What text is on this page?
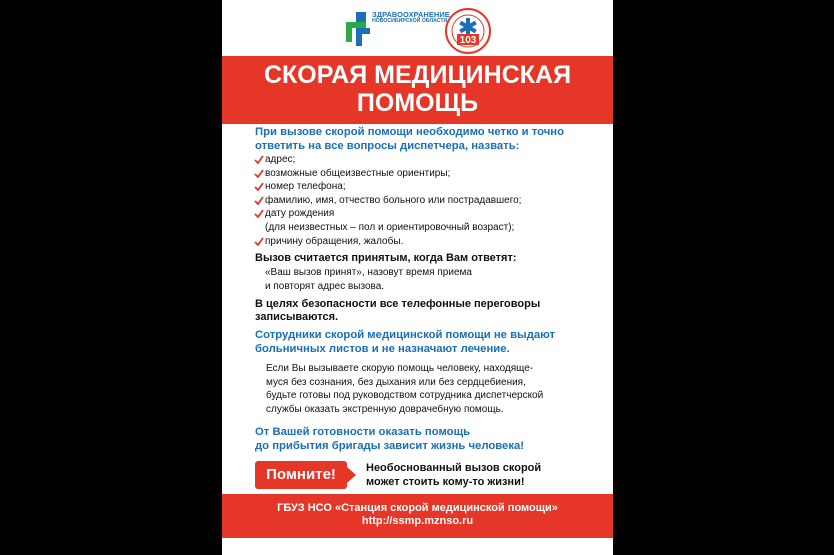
ЗДРАВООХРАНЕНИЕ
НОВОСИБИРСКОЙ ОБЛАСТИ
103
СКОРАЯ МЕДИЦИНСКАЯ
ПОМОЩЬ
При вызове скорой помощи необходимо четко и точно
ответить на все вопросы диспетчера, назвать:
адрес;
возможные общеизвестные ориентиры;
номер телефона;
фамилию, имя, отчество больного или пострадавшего;
дату рождения
(для неизвестных – пол и ориентировочный возраст);
причину обращения, жалобы.
Вызов считается принятым, когда Вам ответят:
«Ваш вызов принят», назовут время приема
и повторят адрес вызова.
В целях безопасности все телефонные переговоры
записываются.
Сотрудники скорой медицинской помощи не выдают
больничных листов и не назначают лечение.
Если Вы вызываете скорую помощь человеку, находяще-
муся без сознания, без дыхания или без сердцебиения,
будьте готовы под руководством сотрудника диспетчерской
службы оказать экстренную доврачебную помощь.
От Вашей готовности оказать помощь
до прибытия бригады зависит жизнь человека!
Помните!	Необоснованный вызов скорой
может стоить кому-то жизни!
ГБУЗ НСО «Станция скорой медицинской помощи»
http://ssmp.mznso.ru
